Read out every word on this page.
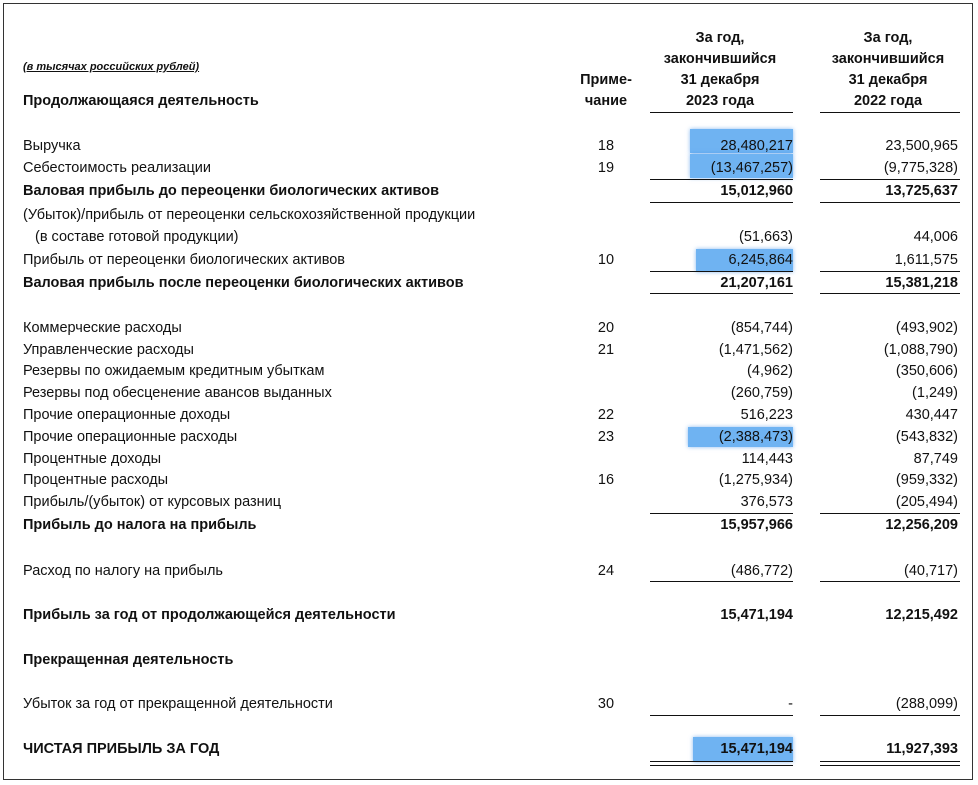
(в тысячах российских рублей)
Продолжающаяся деятельность
Приме-
чание
За год,
закончившийся
31 декабря
2023 года
За год,
закончившийся
31 декабря
2022 года
Выручка	18	28,480,217	23,500,965
Себестоимость реализации	19	(13,467,257)	(9,775,328)
Валовая прибыль до переоценки биологических активов	15,012,960	13,725,637
(Убыток)/прибыль от переоценки сельскохозяйственной продукции
(в составе готовой продукции)	(51,663)	44,006
Прибыль от переоценки биологических активов	10	6,245,864	1,611,575
Валовая прибыль после переоценки биологических активов	21,207,161	15,381,218
Коммерческие расходы	20	(854,744)	(493,902)
Управленческие расходы	21	(1,471,562)	(1,088,790)
Резервы по ожидаемым кредитным убыткам	(4,962)	(350,606)
Резервы под обесценение авансов выданных	(260,759)	(1,249)
Прочие операционные доходы	22	516,223	430,447
Прочие операционные расходы	23	(2,388,473)	(543,832)
Процентные доходы	114,443	87,749
Процентные расходы	16	(1,275,934)	(959,332)
Прибыль/(убыток) от курсовых разниц	376,573	(205,494)
Прибыль до налога на прибыль	15,957,966	12,256,209
Расход по налогу на прибыль	24	(486,772)	(40,717)
Прибыль за год от продолжающейся деятельности	15,471,194	12,215,492
Прекращенная деятельность
Убыток за год от прекращенной деятельности	30	-	(288,099)
ЧИСТАЯ ПРИБЫЛЬ ЗА ГОД	15,471,194	11,927,393
